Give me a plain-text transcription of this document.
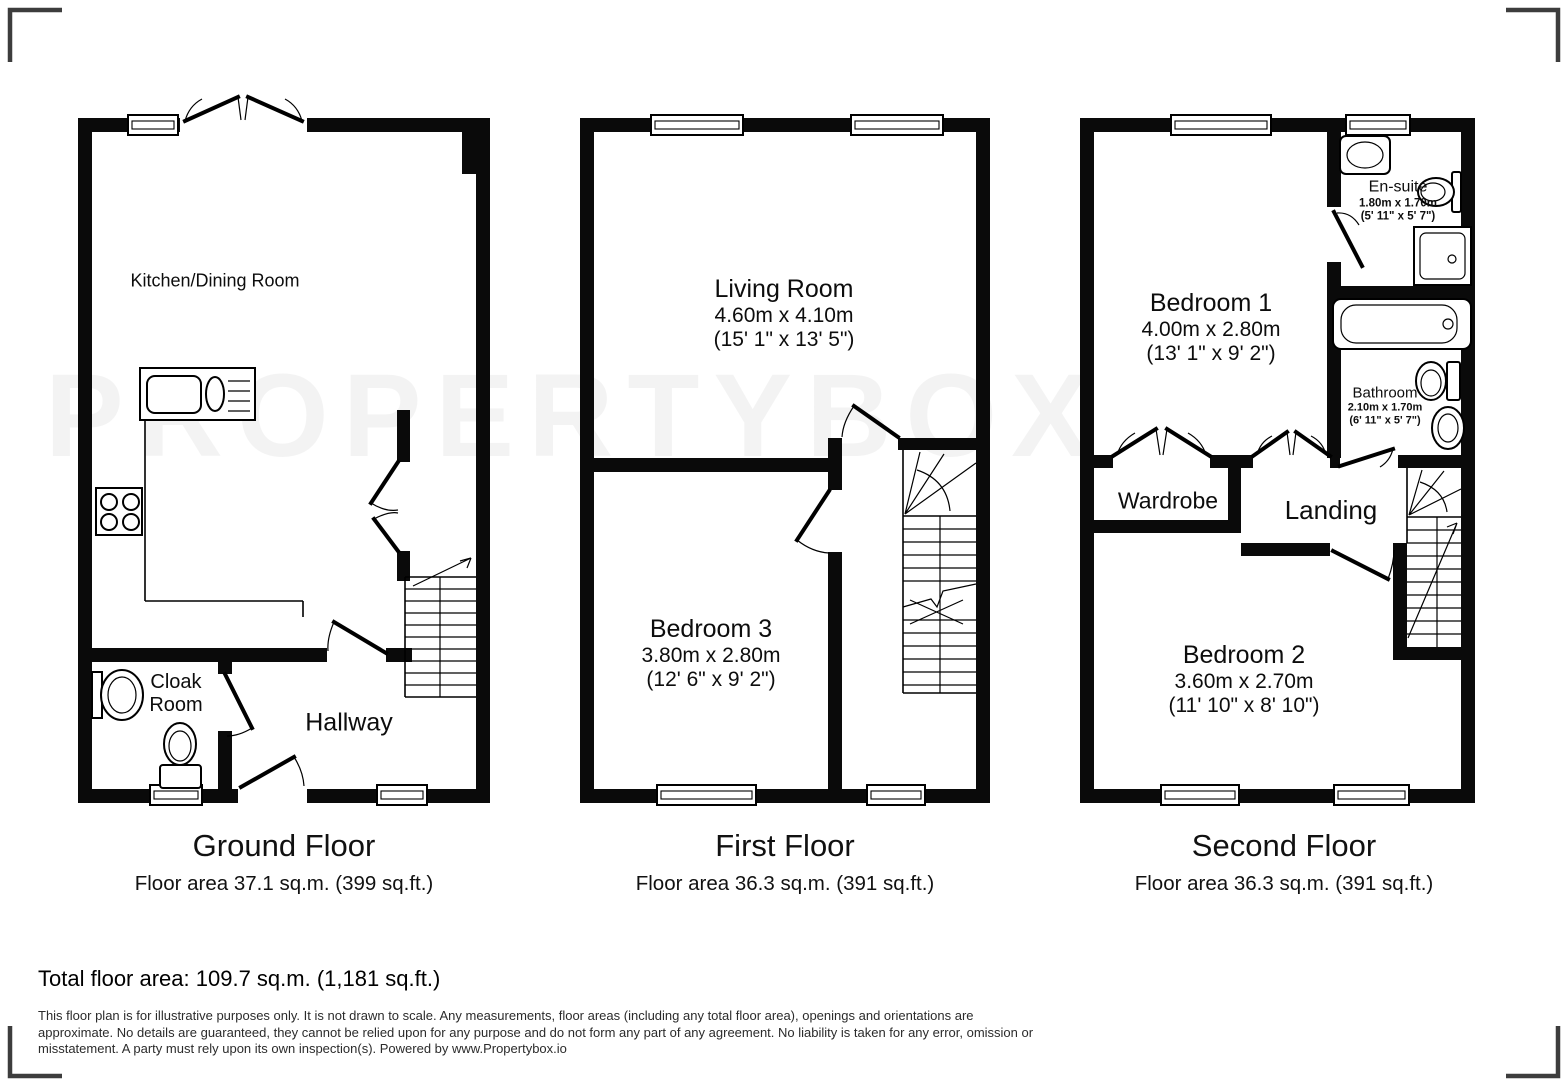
Kitchen/Dining Room
Cloak Room
Hallway
Living Room
4.60m x 4.10m
(15' 1" x 13' 5")
Bedroom 3
3.80m x 2.80m
(12' 6" x 9' 2")
Bedroom 1
4.00m x 2.80m
(13' 1" x 9' 2")
En-suite
1.80m x 1.70m
(5' 11" x 5' 7")
Bathroom
2.10m x 1.70m
(6' 11" x 5' 7")
Wardrobe	Landing
Bedroom 2
3.60m x 2.70m
(11' 10" x 8' 10")
Ground Floor
Floor area 37.1 sq.m. (399 sq.ft.)
First Floor
Floor area 36.3 sq.m. (391 sq.ft.)
Second Floor
Floor area 36.3 sq.m. (391 sq.ft.)
Total floor area: 109.7 sq.m. (1,181 sq.ft.)
This floor plan is for illustrative purposes only. It is not drawn to scale. Any measurements, floor areas (including any total floor area), openings and orientations are approximate. No details are guaranteed, they cannot be relied upon for any purpose and do not form any part of any agreement. No liability is taken for any error, omission or misstatement. A party must rely upon its own inspection(s). Powered by www.Propertybox.io
